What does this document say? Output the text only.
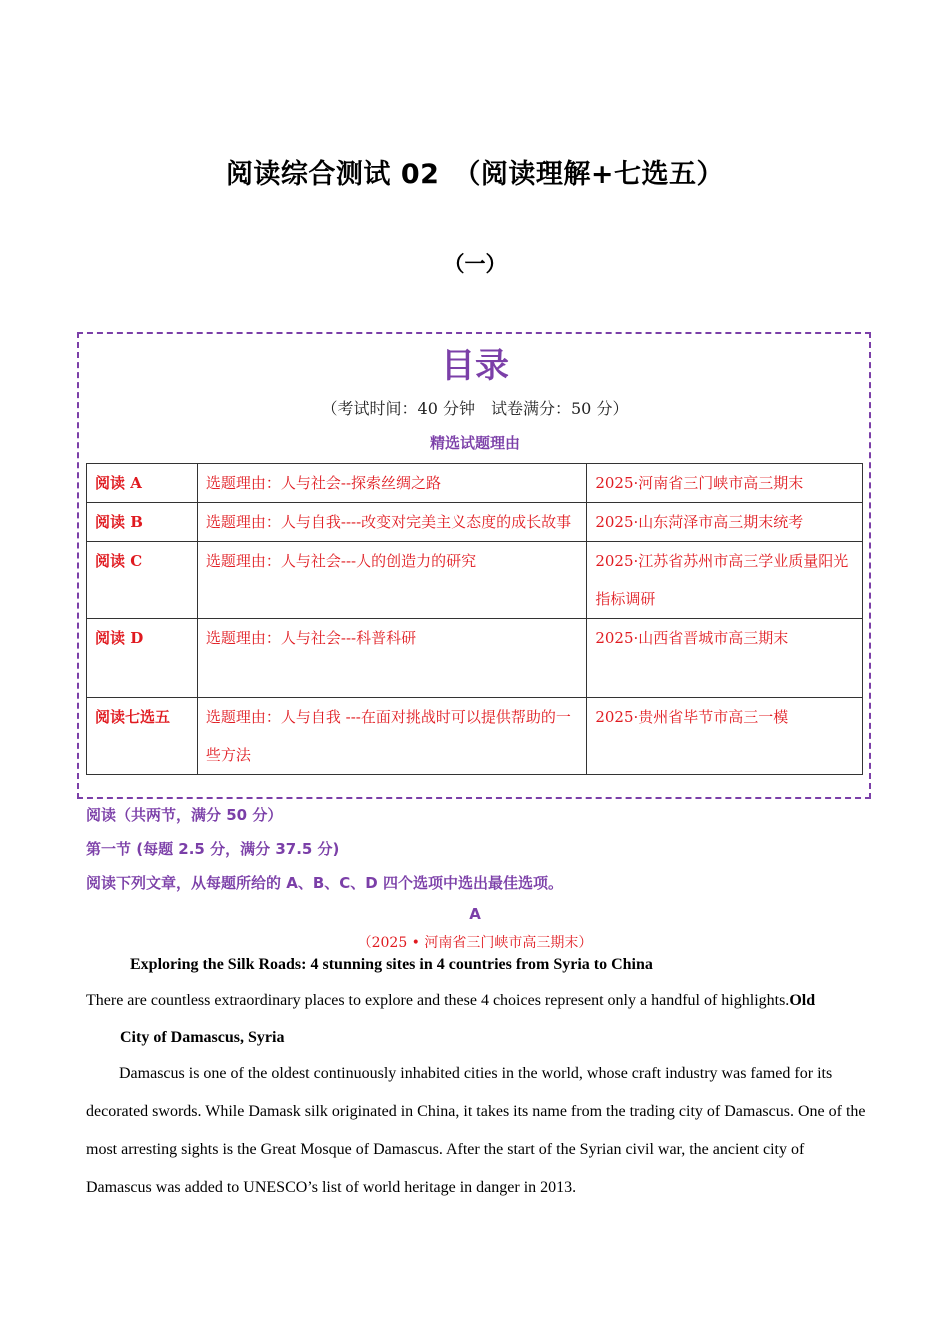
阅读综合测试 02　（阅读理解+七选五）
（一）
目录
（考试时间：40 分钟　试卷满分：50 分）
精选试题理由
阅读 A	选题理由：人与社会--探索丝绸之路	2025·河南省三门峡市高三期末
阅读 B	选题理由：人与自我----改变对完美主义态度的成长故事	2025·山东菏泽市高三期末统考
阅读 C	选题理由：人与社会---人的创造力的研究	2025·江苏省苏州市高三学业质量阳光指标调研
阅读 D	选题理由：人与社会---科普科研	2025·山西省晋城市高三期末
阅读七选五	选题理由：人与自我 ---在面对挑战时可以提供帮助的一些方法	2025·贵州省毕节市高三一模
阅读（共两节，满分 50 分）
第一节 (每题 2.5 分，满分 37.5 分)
阅读下列文章，从每题所给的 A、B、C、D 四个选项中选出最佳选项。
A
（2025 • 河南省三门峡市高三期末）
Exploring the Silk Roads: 4 stunning sites in 4 countries from Syria to China
There are countless extraordinary places to explore and these 4 choices represent only a handful of highlights.Old
City of Damascus, Syria
Damascus is one of the oldest continuously inhabited cities in the world, whose craft industry was famed for its decorated swords. While Damask silk originated in China, it takes its name from the trading city of Damascus. One of the most arresting sights is the Great Mosque of Damascus. After the start of the Syrian civil war, the ancient city of Damascus was added to UNESCO’s list of world heritage in danger in 2013.
